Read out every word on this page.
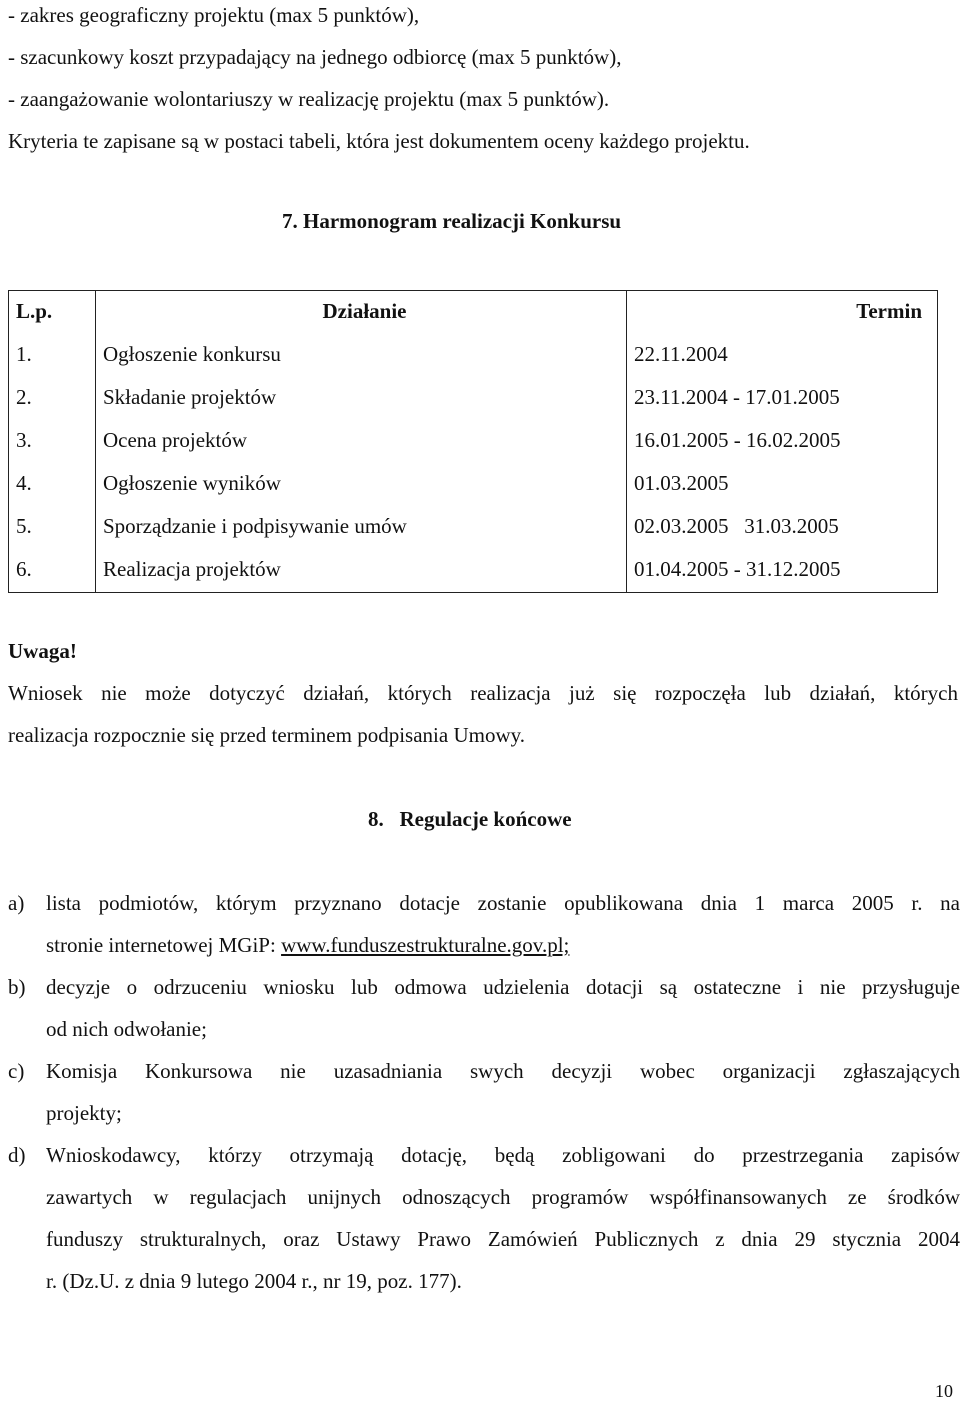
- zakres geograficzny projektu (max 5 punktów),
- szacunkowy koszt przypadający na jednego odbiorcę (max 5 punktów),
- zaangażowanie wolontariuszy w realizację projektu (max 5 punktów).
Kryteria te zapisane są w postaci tabeli, która jest dokumentem oceny każdego projektu.
7. Harmonogram realizacji Konkursu
L.p.	Działanie	Termin
1.	Ogłoszenie konkursu	22.11.2004
2.	Składanie projektów	23.11.2004 - 17.01.2005
3.	Ocena projektów	16.01.2005 - 16.02.2005
4.	Ogłoszenie wyników	01.03.2005
5.	Sporządzanie i podpisywanie umów	02.03.2005   31.03.2005
6.	Realizacja projektów	01.04.2005 - 31.12.2005
Uwaga!
Wniosek nie może dotyczyć działań, których realizacja już się rozpoczęła lub działań, których
realizacja rozpocznie się przed terminem podpisania Umowy.
8.   Regulacje końcowe
a) lista podmiotów, którym przyznano dotacje zostanie opublikowana dnia 1 marca 2005 r. na
stronie internetowej MGiP: www.funduszestrukturalne.gov.pl;
b) decyzje o odrzuceniu wniosku lub odmowa udzielenia dotacji są ostateczne i nie przysługuje
od nich odwołanie;
c) Komisja Konkursowa nie uzasadniania swych decyzji wobec organizacji zgłaszających
projekty;
d) Wnioskodawcy, którzy otrzymają dotację, będą zobligowani do przestrzegania zapisów
zawartych w regulacjach unijnych odnoszących programów współfinansowanych ze środków
funduszy strukturalnych, oraz Ustawy Prawo Zamówień Publicznych z dnia 29 stycznia 2004
r. (Dz.U. z dnia 9 lutego 2004 r., nr 19, poz. 177).
10
